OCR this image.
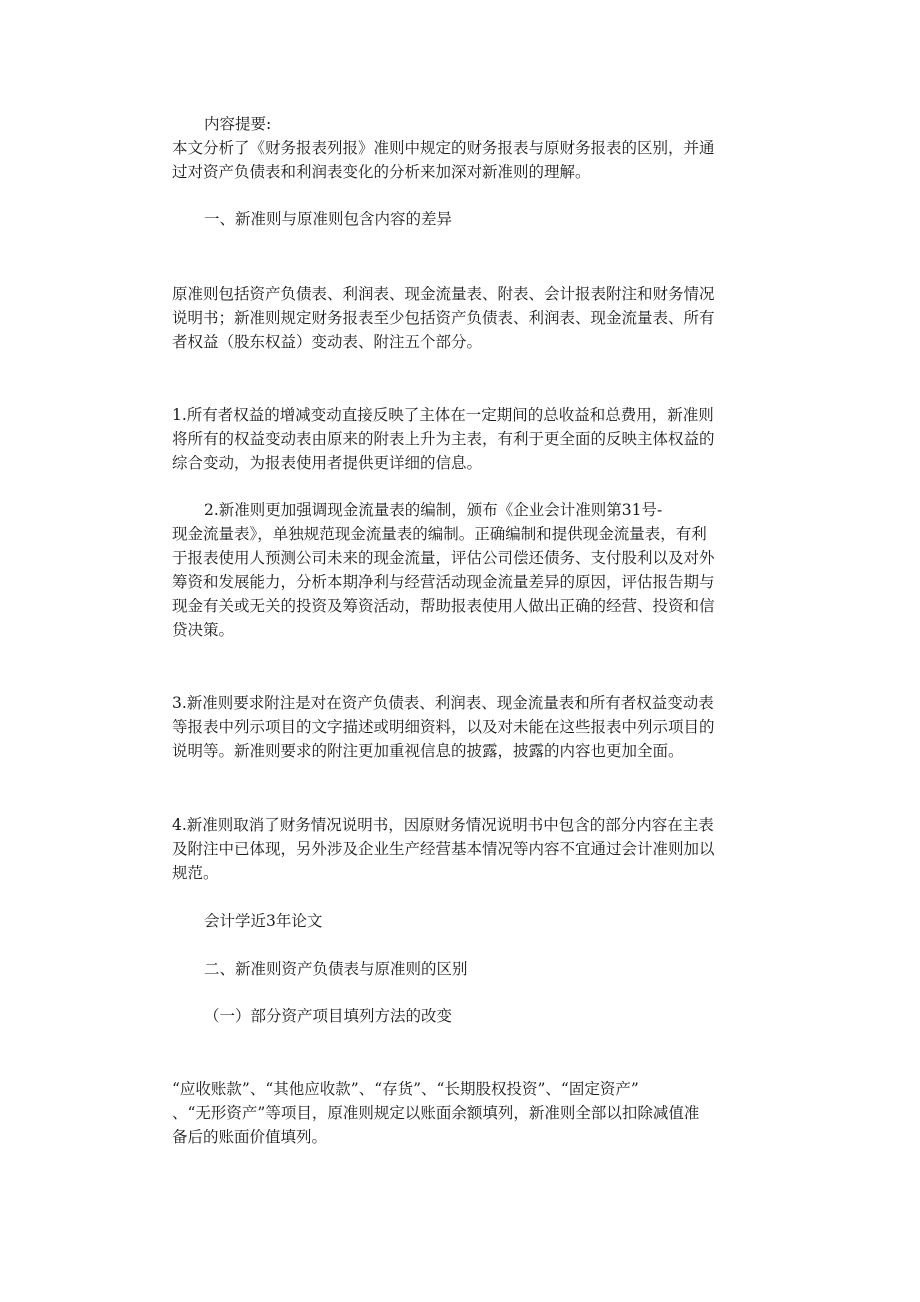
内容提要:

本文分析了《财务报表列报》准则中规定的财务报表与原财务报表的区别，并通

过对资产负债表和利润表变化的分析来加深对新准则的理解。

一、新准则与原准则包含内容的差异

原准则包括资产负债表、利润表、现金流量表、附表、会计报表附注和财务情况

说明书；新准则规定财务报表至少包括资产负债表、利润表、现金流量表、所有

者权益（股东权益）变动表、附注五个部分。

1.所有者权益的增减变动直接反映了主体在一定期间的总收益和总费用，新准则

将所有的权益变动表由原来的附表上升为主表，有利于更全面的反映主体权益的

综合变动，为报表使用者提供更详细的信息。

2.新准则更加强调现金流量表的编制，颁布《企业会计准则第31号-

现金流量表》，单独规范现金流量表的编制。正确编制和提供现金流量表，有利

于报表使用人预测公司未来的现金流量，评估公司偿还债务、支付股利以及对外

筹资和发展能力，分析本期净利与经营活动现金流量差异的原因，评估报告期与

现金有关或无关的投资及筹资活动，帮助报表使用人做出正确的经营、投资和信

贷决策。

3.新准则要求附注是对在资产负债表、利润表、现金流量表和所有者权益变动表

等报表中列示项目的文字描述或明细资料，以及对未能在这些报表中列示项目的

说明等。新准则要求的附注更加重视信息的披露，披露的内容也更加全面。

4.新准则取消了财务情况说明书，因原财务情况说明书中包含的部分内容在主表

及附注中已体现，另外涉及企业生产经营基本情况等内容不宜通过会计准则加以

规范。

会计学近3年论文

二、新准则资产负债表与原准则的区别

（一）部分资产项目填列方法的改变

“应收账款”、“其他应收款”、“存货”、“长期股权投资”、“固定资产”

、“无形资产”等项目，原准则规定以账面余额填列，新准则全部以扣除减值准

备后的账面价值填列。
